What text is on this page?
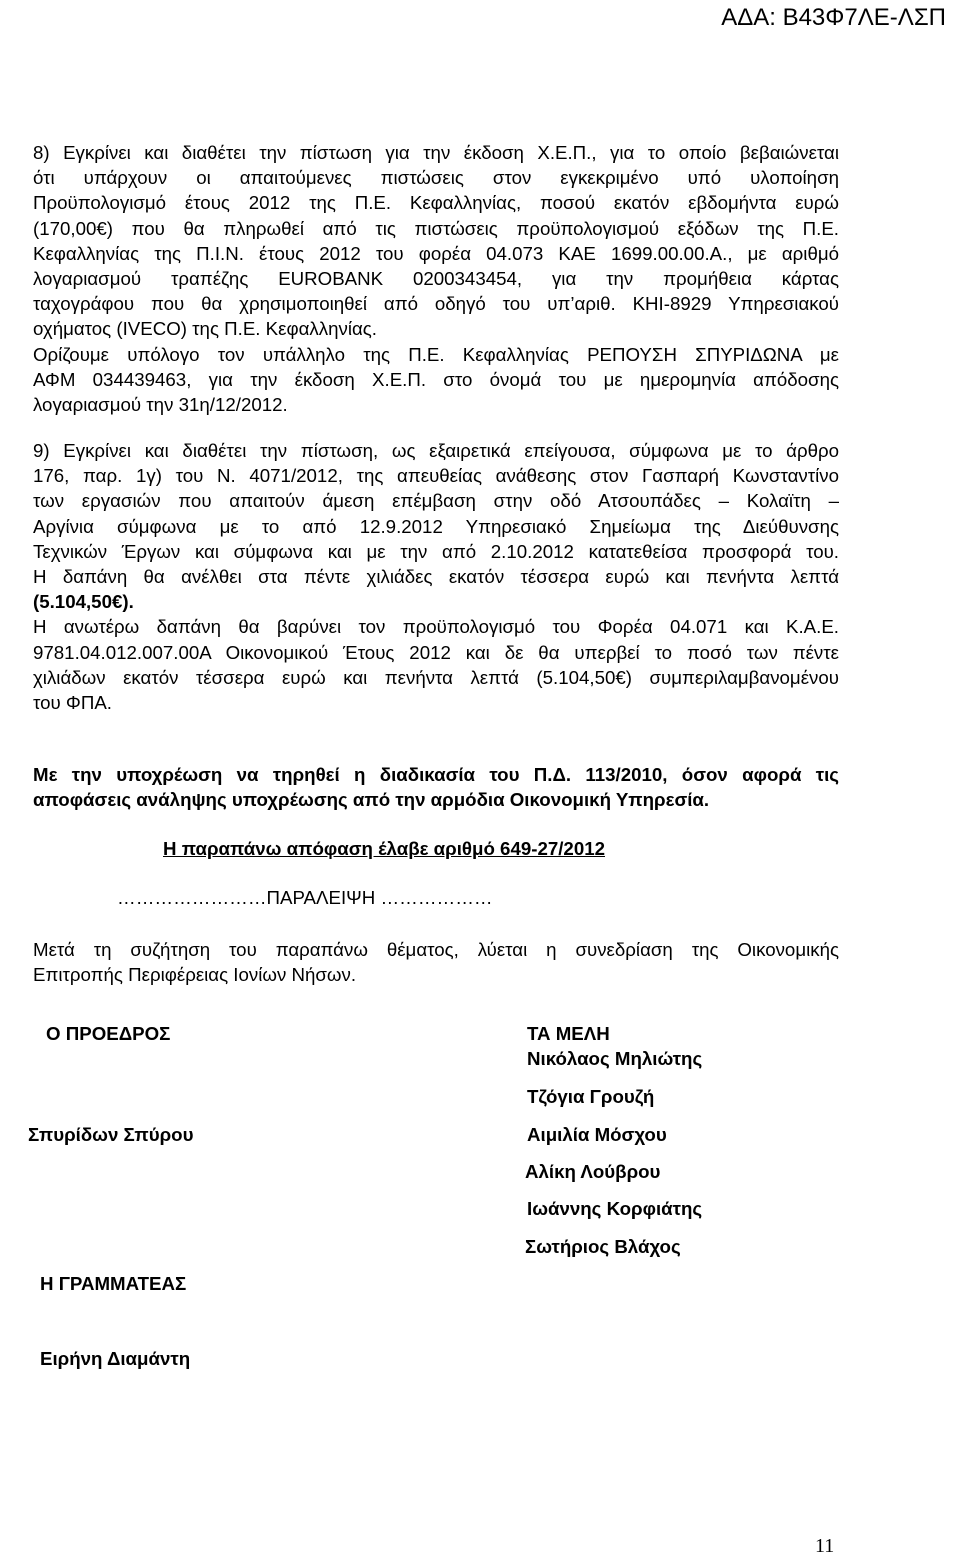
ΑΔΑ: Β43Φ7ΛΕ-ΛΣΠ
8) Εγκρίνει και διαθέτει την πίστωση για την έκδοση Χ.Ε.Π., για το οποίο βεβαιώνεται
ότι υπάρχουν οι απαιτούμενες πιστώσεις στον εγκεκριμένο υπό υλοποίηση
Προϋπολογισμό έτους 2012 της Π.Ε. Κεφαλληνίας, ποσού εκατόν εβδομήντα ευρώ
(170,00€) που θα πληρωθεί από τις πιστώσεις προϋπολογισμού εξόδων της Π.Ε.
Κεφαλληνίας της Π.Ι.Ν. έτους 2012 του φορέα 04.073 ΚΑΕ 1699.00.00.Α., με αριθμό
λογαριασμού τραπέζης EUROBANK 0200343454, για την προμήθεια κάρτας
ταχογράφου που θα χρησιμοποιηθεί από οδηγό του υπ’αριθ. ΚΗΙ-8929 Υπηρεσιακού
οχήματος (IVECO) της Π.Ε. Κεφαλληνίας.
Ορίζουμε υπόλογο τον υπάλληλο της Π.Ε. Κεφαλληνίας ΡΕΠΟΥΣΗ ΣΠΥΡΙΔΩΝΑ με
ΑΦΜ 034439463, για την έκδοση Χ.Ε.Π. στο όνομά του με ημερομηνία απόδοσης
λογαριασμού την 31η/12/2012.
9) Εγκρίνει και διαθέτει την πίστωση, ως εξαιρετικά επείγουσα, σύμφωνα με το άρθρο
176, παρ. 1γ) του Ν. 4071/2012, της απευθείας ανάθεσης στον Γασπαρή Κωνσταντίνο
των εργασιών που απαιτούν άμεση επέμβαση στην οδό Ατσουπάδες – Κολαϊτη –
Αργίνια σύμφωνα με το από 12.9.2012 Υπηρεσιακό Σημείωμα της Διεύθυνσης
Τεχνικών Έργων και σύμφωνα και με την από 2.10.2012 κατατεθείσα προσφορά του.
Η δαπάνη θα ανέλθει στα πέντε χιλιάδες εκατόν τέσσερα ευρώ και πενήντα λεπτά
(5.104,50€).
Η ανωτέρω δαπάνη θα βαρύνει τον προϋπολογισμό του Φορέα 04.071 και Κ.Α.Ε.
9781.04.012.007.00Α Οικονομικού Έτους 2012 και δε θα υπερβεί το ποσό των πέντε
χιλιάδων εκατόν τέσσερα ευρώ και πενήντα λεπτά (5.104,50€) συμπεριλαμβανομένου
του ΦΠΑ.
Με την υποχρέωση να τηρηθεί η διαδικασία του Π.Δ. 113/2010, όσον αφορά τις
αποφάσεις ανάληψης υποχρέωσης από την αρμόδια Οικονομική Υπηρεσία.
Η παραπάνω απόφαση έλαβε αριθμό 649-27/2012
……………………ΠΑΡΑΛΕΙΨΗ ………………
Μετά τη συζήτηση του παραπάνω θέματος, λύεται η συνεδρίαση της Οικονομικής
Επιτροπής Περιφέρειας Ιονίων Νήσων.
Ο ΠΡΟΕΔΡΟΣ
Σπυρίδων Σπύρου
Η ΓΡΑΜΜΑΤΕΑΣ
Ειρήνη Διαμάντη
ΤΑ ΜΕΛΗ
Νικόλαος Μηλιώτης
Τζόγια Γρουζή
Αιμιλία Μόσχου
Αλίκη Λούβρου
Ιωάννης Κορφιάτης
Σωτήριος Βλάχος
11
